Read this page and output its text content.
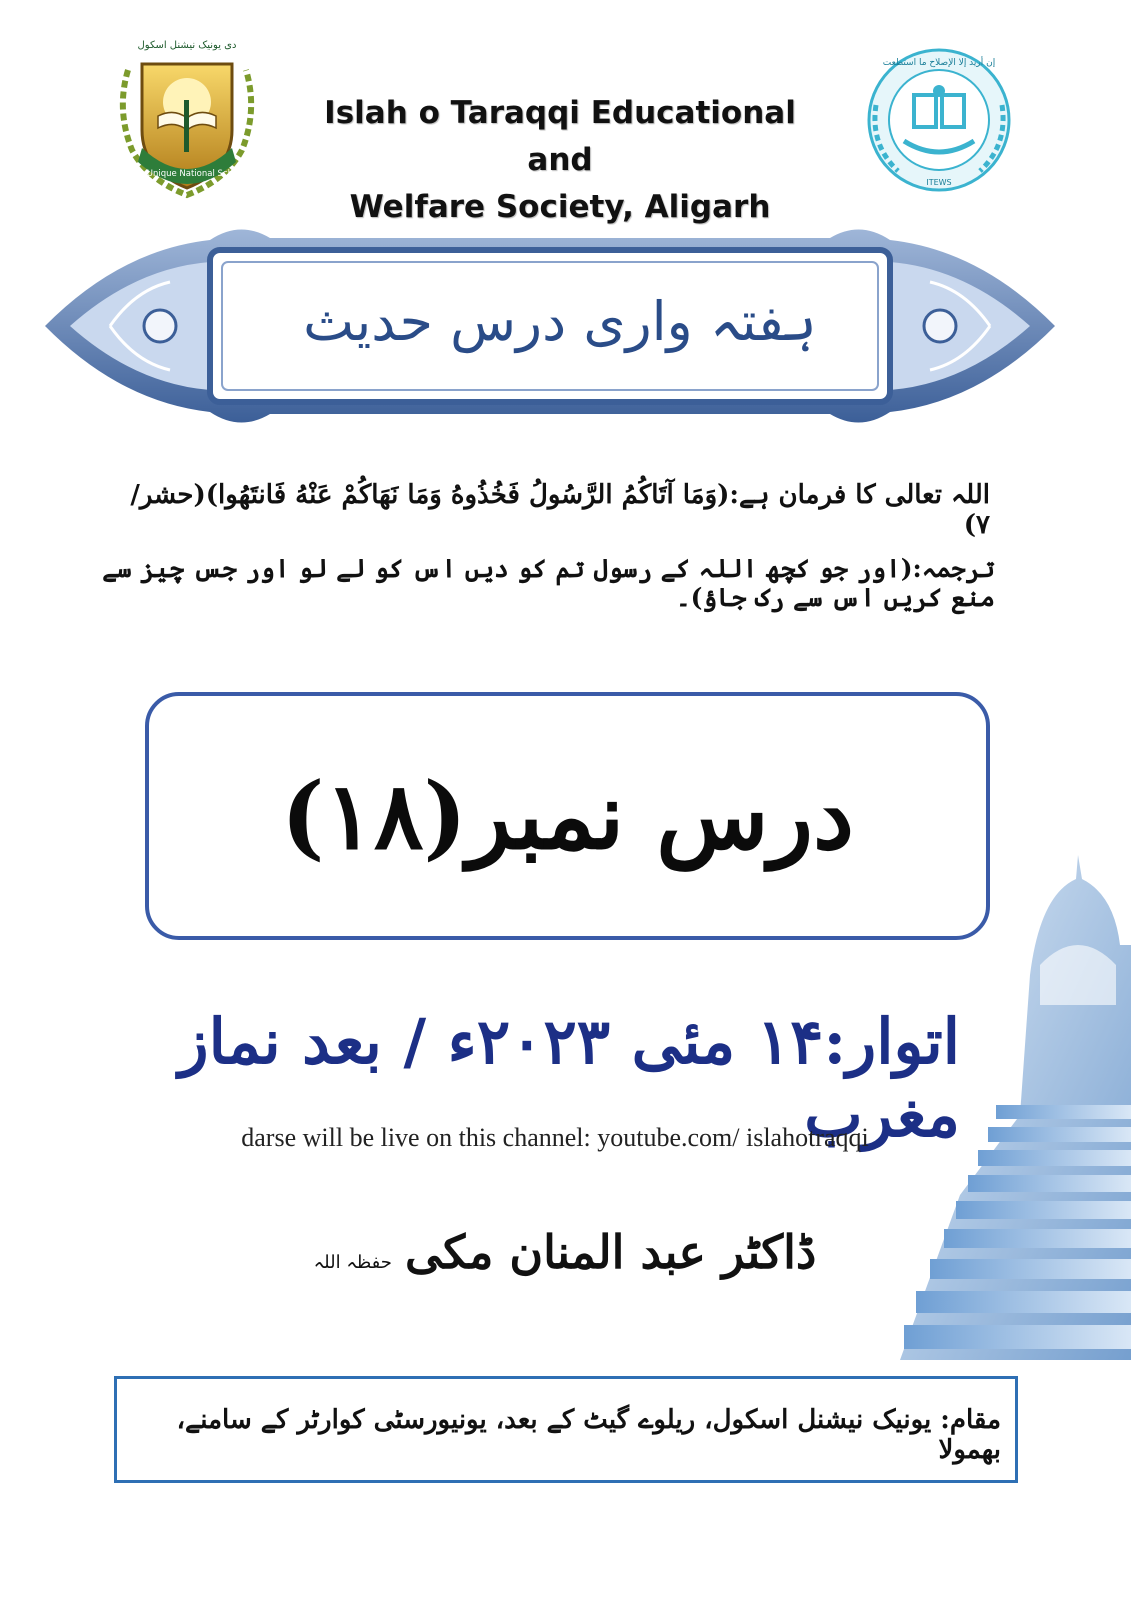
دی یونیک نیشنل اسکول
The Unique National School
Islah o Taraqqi Educational and
Welfare Society, Aligarh
إن أريد إلا الإصلاح ما استطعت
ITEWS
ہفتہ واری درس حدیث
اللہ تعالی کا فرمان ہے:(وَمَا آتَاكُمُ الرَّسُولُ فَخُذُوهُ وَمَا نَهَاكُمْ عَنْهُ فَانتَهُوا)(حشر/۷)
ترجمہ:(اور جو کچھ اللہ کے رسول تم کو دیں اس کو لے لو اور جس چیز سے منع کریں اس سے رک جاؤ)۔
درس نمبر(۱۸)
اتوار:۱۴ مئی ۲۰۲۳ء / بعد نماز مغرب
darse will be live on this channel: youtube.com/ islahotraqqi
ڈاکٹر عبد المنان مکی حفظہ اللہ
مقام: یونیک نیشنل اسکول، ریلوے گیٹ کے بعد، یونیورسٹی کوارٹر کے سامنے، بھمولا
